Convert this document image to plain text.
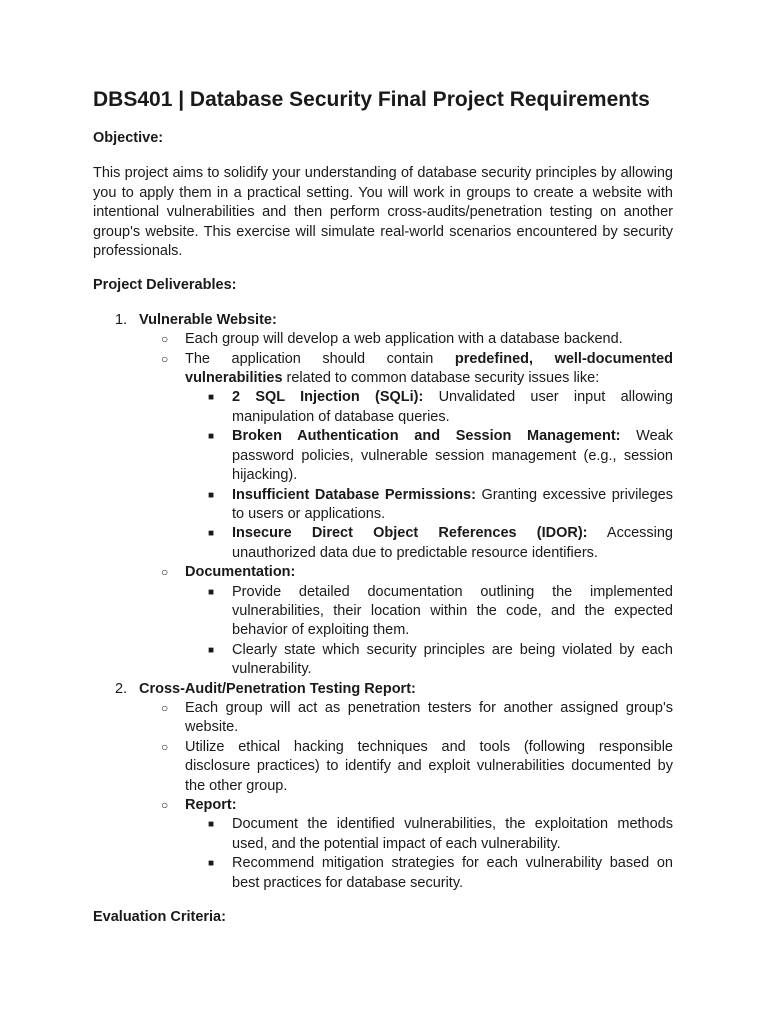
DBS401 | Database Security Final Project Requirements

Objective:

This project aims to solidify your understanding of database security principles by allowing you to apply them in a practical setting. You will work in groups to create a website with intentional vulnerabilities and then perform cross-audits/penetration testing on another group's website. This exercise will simulate real-world scenarios encountered by security professionals.

Project Deliverables:

1. Vulnerable Website:
○ Each group will develop a web application with a database backend.
○ The application should contain predefined, well-documented vulnerabilities related to common database security issues like:
■ 2 SQL Injection (SQLi): Unvalidated user input allowing manipulation of database queries.
■ Broken Authentication and Session Management: Weak password policies, vulnerable session management (e.g., session hijacking).
■ Insufficient Database Permissions: Granting excessive privileges to users or applications.
■ Insecure Direct Object References (IDOR): Accessing unauthorized data due to predictable resource identifiers.
○ Documentation:
■ Provide detailed documentation outlining the implemented vulnerabilities, their location within the code, and the expected behavior of exploiting them.
■ Clearly state which security principles are being violated by each vulnerability.
2. Cross-Audit/Penetration Testing Report:
○ Each group will act as penetration testers for another assigned group's website.
○ Utilize ethical hacking techniques and tools (following responsible disclosure practices) to identify and exploit vulnerabilities documented by the other group.
○ Report:
■ Document the identified vulnerabilities, the exploitation methods used, and the potential impact of each vulnerability.
■ Recommend mitigation strategies for each vulnerability based on best practices for database security.

Evaluation Criteria:
